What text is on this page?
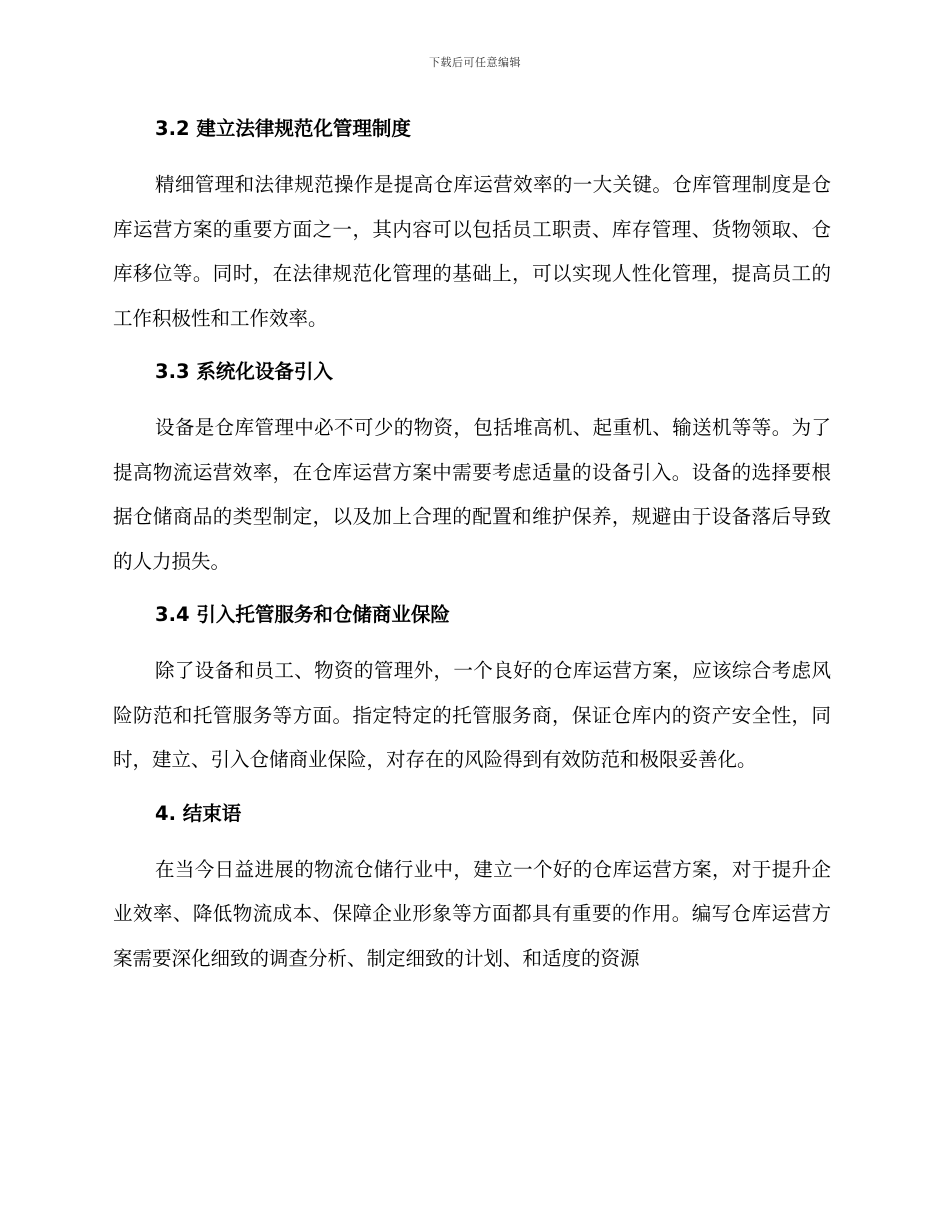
下载后可任意编辑
3.2 建立法律规范化管理制度

精细管理和法律规范操作是提高仓库运营效率的一大关键。仓库管理制度是仓库运营方案的重要方面之一，其内容可以包括员工职责、库存管理、货物领取、仓库移位等。同时，在法律规范化管理的基础上，可以实现人性化管理，提高员工的工作积极性和工作效率。

3.3 系统化设备引入

设备是仓库管理中必不可少的物资，包括堆高机、起重机、输送机等等。为了提高物流运营效率，在仓库运营方案中需要考虑适量的设备引入。设备的选择要根据仓储商品的类型制定，以及加上合理的配置和维护保养，规避由于设备落后导致的人力损失。

3.4 引入托管服务和仓储商业保险

除了设备和员工、物资的管理外，一个良好的仓库运营方案，应该综合考虑风险防范和托管服务等方面。指定特定的托管服务商，保证仓库内的资产安全性，同时，建立、引入仓储商业保险，对存在的风险得到有效防范和极限妥善化。

4. 结束语

在当今日益进展的物流仓储行业中，建立一个好的仓库运营方案，对于提升企业效率、降低物流成本、保障企业形象等方面都具有重要的作用。编写仓库运营方案需要深化细致的调查分析、制定细致的计划、和适度的资源
